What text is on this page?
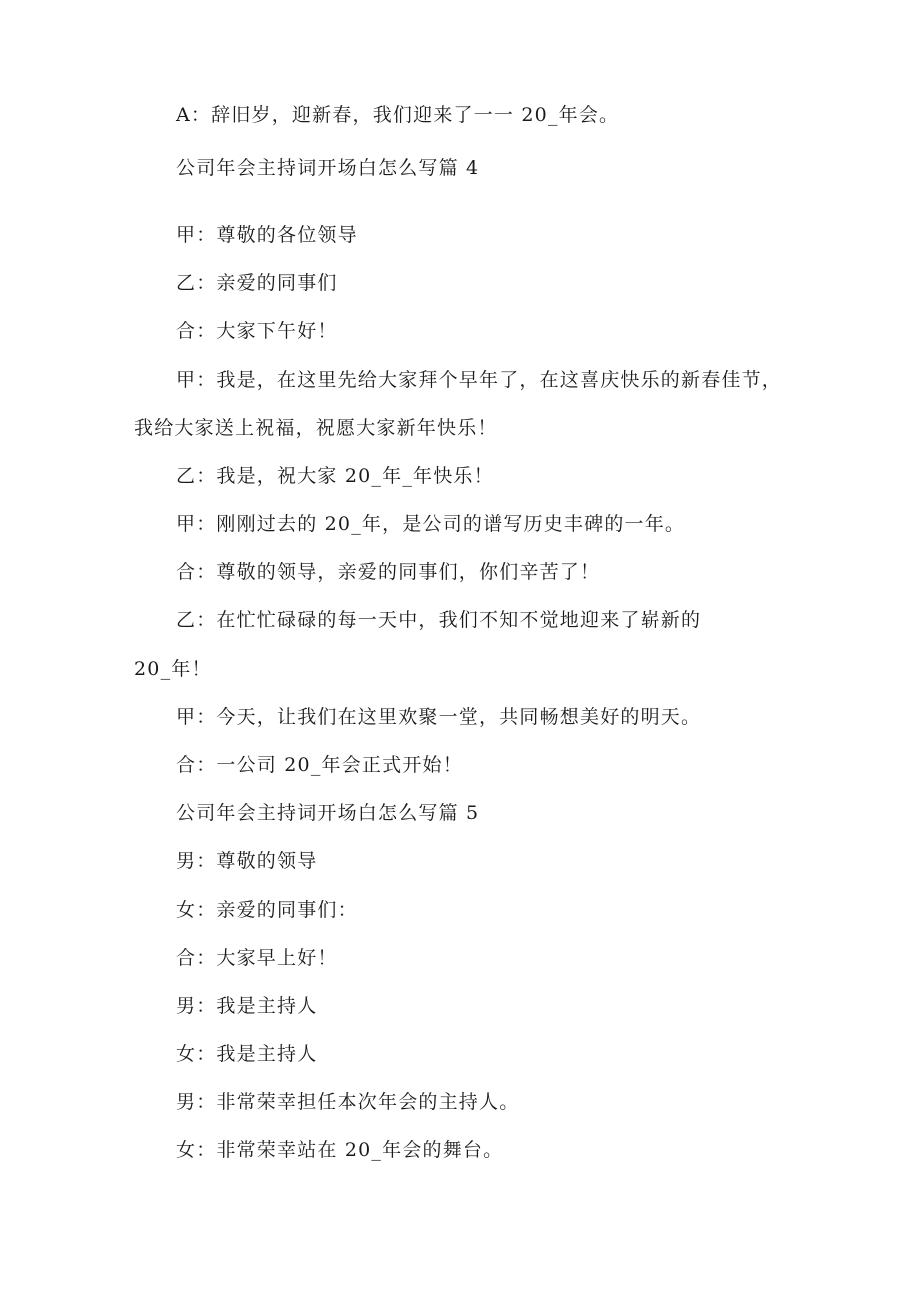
A：辞旧岁，迎新春，我们迎来了一一 20_年会。
公司年会主持词开场白怎么写篇 4
甲：尊敬的各位领导
乙：亲爱的同事们
合：大家下午好！
甲：我是，在这里先给大家拜个早年了，在这喜庆快乐的新春佳节，
我给大家送上祝福，祝愿大家新年快乐！
乙：我是，祝大家 20_年_年快乐！
甲：刚刚过去的 20_年，是公司的谱写历史丰碑的一年。
合：尊敬的领导，亲爱的同事们，你们辛苦了！
乙：在忙忙碌碌的每一天中，我们不知不觉地迎来了崭新的
20_年！
甲：今天，让我们在这里欢聚一堂，共同畅想美好的明天。
合：一公司 20_年会正式开始！
公司年会主持词开场白怎么写篇 5
男：尊敬的领导
女：亲爱的同事们：
合：大家早上好！
男：我是主持人
女：我是主持人
男：非常荣幸担任本次年会的主持人。
女：非常荣幸站在 20_年会的舞台。
